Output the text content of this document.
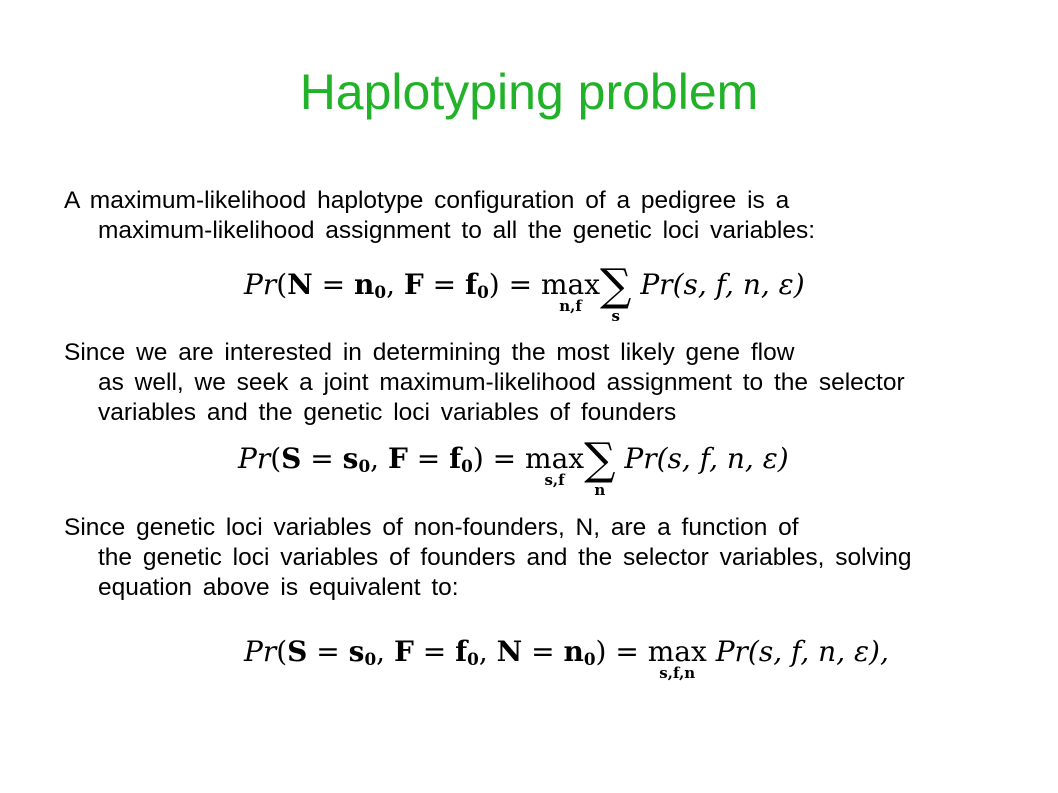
Haplotyping problem
A maximum-likelihood haplotype configuration of a pedigree is a
maximum-likelihood assignment to all the genetic loci variables:
$Pr(N = n_0$, $F = f_0) = \max$
n,f ∑
s
Pr(s, f, n, ε)
Since we are interested in determining the most likely gene flow
as well, we seek a joint maximum-likelihood assignment to the selector variables and the genetic loci variables of founders
$Pr(S = s_0$, $F = f_0) = \max$
s,f ∑
n
Pr(s, f, n, ε)
Since genetic loci variables of non-founders, N, are a function of
the genetic loci variables of founders and the selector variables, solving equation above is equivalent to:
$Pr(S = s_0$, $F = f_0$, $N = n_0) = \max$
s,f,n
Pr(s, f, n, ε),
